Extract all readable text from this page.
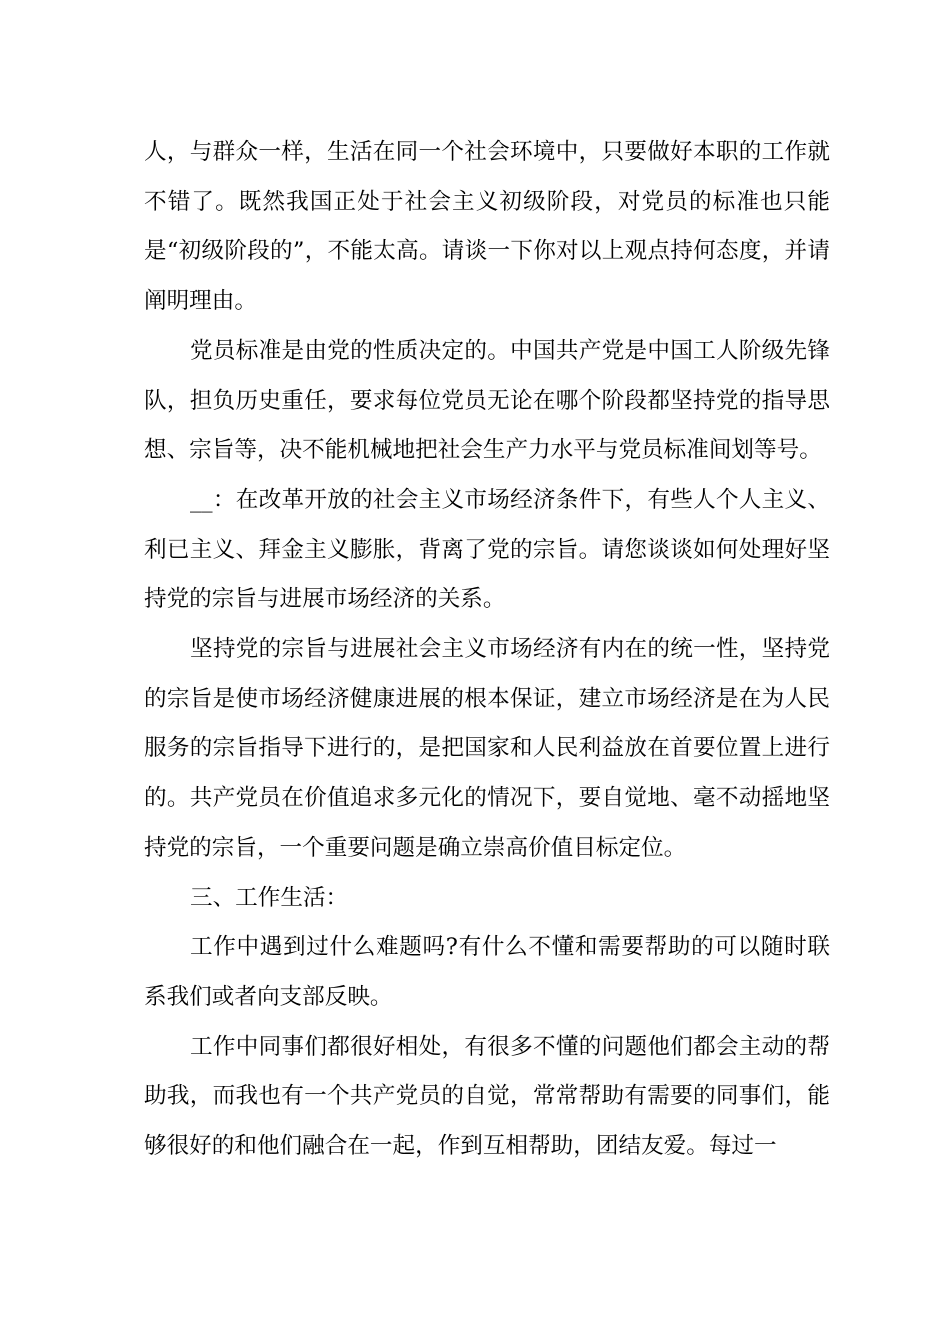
人，与群众一样，生活在同一个社会环境中，只要做好本职的工作就不错了。既然我国正处于社会主义初级阶段，对党员的标准也只能是“初级阶段的”，不能太高。请谈一下你对以上观点持何态度，并请阐明理由。

党员标准是由党的性质决定的。中国共产党是中国工人阶级先锋队，担负历史重任，要求每位党员无论在哪个阶段都坚持党的指导思想、宗旨等，决不能机械地把社会生产力水平与党员标准间划等号。

__：在改革开放的社会主义市场经济条件下，有些人个人主义、利已主义、拜金主义膨胀，背离了党的宗旨。请您谈谈如何处理好坚持党的宗旨与进展市场经济的关系。

坚持党的宗旨与进展社会主义市场经济有内在的统一性，坚持党的宗旨是使市场经济健康进展的根本保证，建立市场经济是在为人民服务的宗旨指导下进行的，是把国家和人民利益放在首要位置上进行的。共产党员在价值追求多元化的情况下，要自觉地、毫不动摇地坚持党的宗旨，一个重要问题是确立崇高价值目标定位。

三、工作生活：

工作中遇到过什么难题吗?有什么不懂和需要帮助的可以随时联系我们或者向支部反映。

工作中同事们都很好相处，有很多不懂的问题他们都会主动的帮助我，而我也有一个共产党员的自觉，常常帮助有需要的同事们，能够很好的和他们融合在一起，作到互相帮助，团结友爱。每过一
